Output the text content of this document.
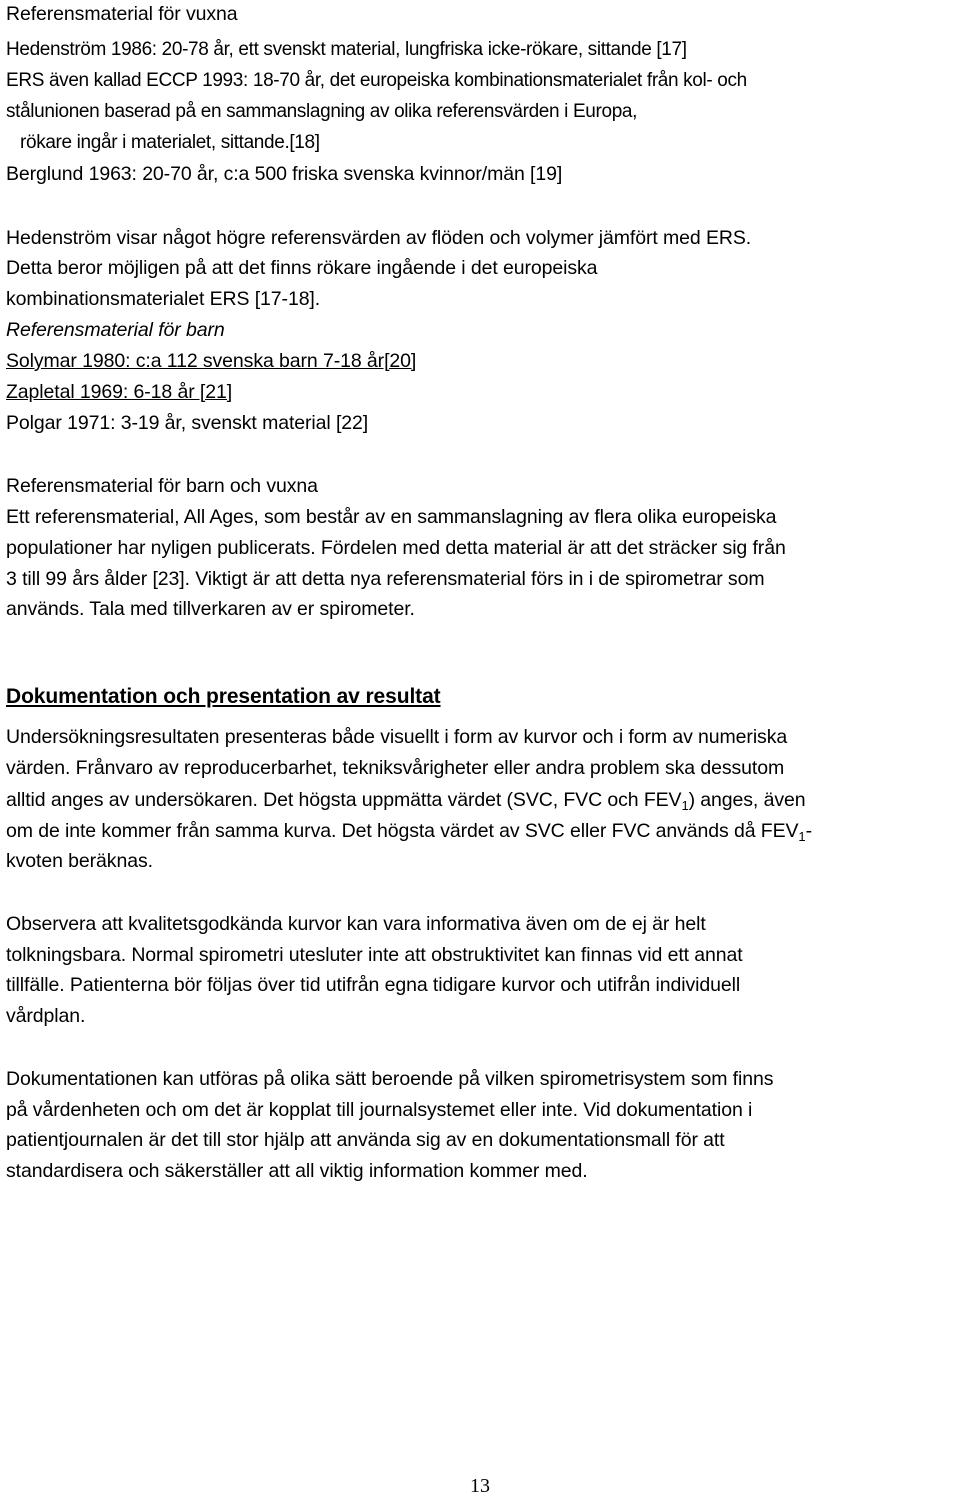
Referensmaterial för vuxna
Hedenström 1986: 20-78 år, ett svenskt material, lungfriska icke-rökare, sittande [17]
ERS även kallad ECCP 1993: 18-70 år, det europeiska kombinationsmaterialet från kol- och
stålunionen baserad på en sammanslagning av olika referensvärden i Europa,
rökare ingår i materialet, sittande.[18]
Berglund 1963: 20-70 år, c:a 500 friska svenska kvinnor/män [19]
Hedenström visar något högre referensvärden av flöden och volymer jämfört med ERS.
Detta beror möjligen på att det finns rökare ingående i det europeiska
kombinationsmaterialet ERS [17-18].
Referensmaterial för barn
Solymar 1980: c:a 112 svenska barn 7-18 år[20]
Zapletal 1969: 6-18 år [21]
Polgar 1971: 3-19 år, svenskt material [22]
Referensmaterial för barn och vuxna
Ett referensmaterial, All Ages, som består av en sammanslagning av flera olika europeiska
populationer har nyligen publicerats. Fördelen med detta material är att det sträcker sig från
3 till 99 års ålder [23]. Viktigt är att detta nya referensmaterial förs in i de spirometrar som
används. Tala med tillverkaren av er spirometer.
Dokumentation och presentation av resultat
Undersökningsresultaten presenteras både visuellt i form av kurvor och i form av numeriska
värden. Frånvaro av reproducerbarhet, tekniksvårigheter eller andra problem ska dessutom
alltid anges av undersökaren. Det högsta uppmätta värdet (SVC, FVC och $FEV_1$) anges, även
om de inte kommer från samma kurva. Det högsta värdet av SVC eller FVC används då $FEV_1-$
kvoten beräknas.
Observera att kvalitetsgodkända kurvor kan vara informativa även om de ej är helt
tolkningsbara. Normal spirometri utesluter inte att obstruktivitet kan finnas vid ett annat
tillfälle. Patienterna bör följas över tid utifrån egna tidigare kurvor och utifrån individuell
vårdplan.
Dokumentationen kan utföras på olika sätt beroende på vilken spirometrisystem som finns
på vårdenheten och om det är kopplat till journalsystemet eller inte. Vid dokumentation i
patientjournalen är det till stor hjälp att använda sig av en dokumentationsmall för att
standardisera och säkerställer att all viktig information kommer med.
13
